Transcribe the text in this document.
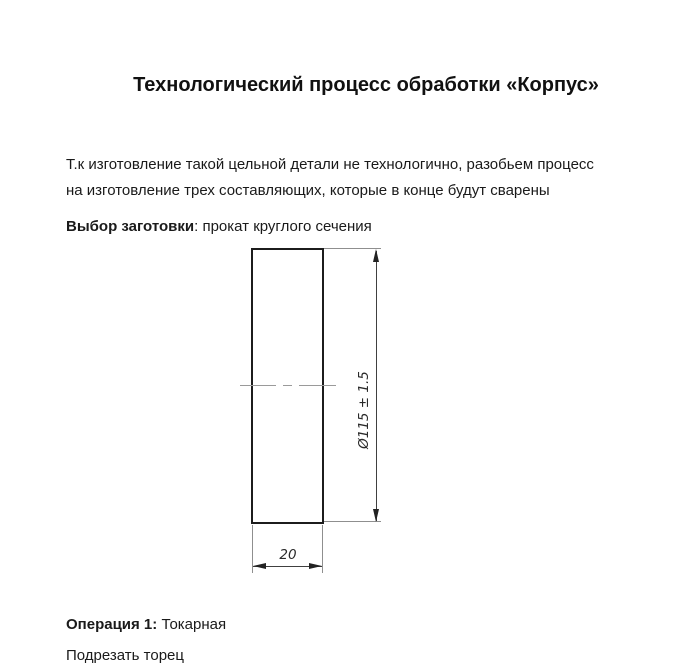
Технологический процесс обработки «Корпус»
Т.к изготовление такой цельной детали не технологично, разобьем процесс
на изготовление трех составляющих, которые в конце будут сварены
Выбор заготовки: прокат круглого сечения
Ø115 ± 1.5
20
Операция 1: Токарная
Подрезать торец
